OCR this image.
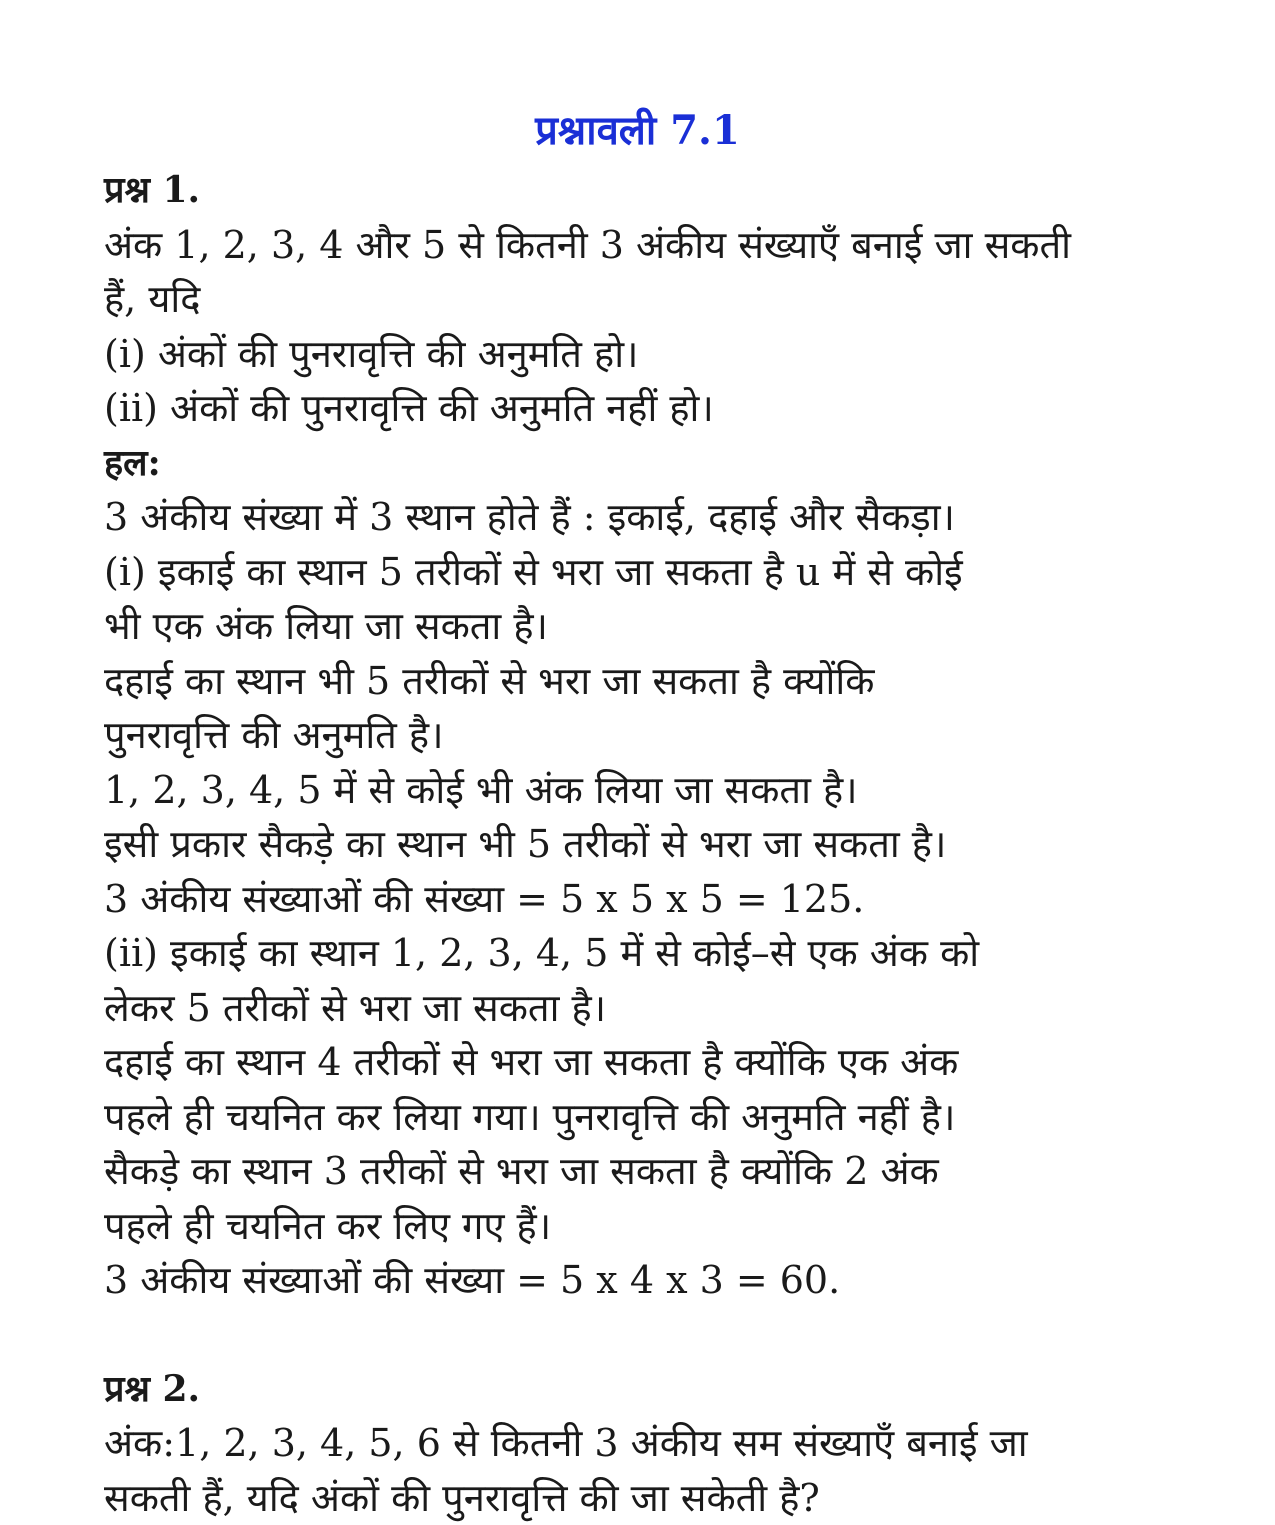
प्रश्नावली 7.1
प्रश्न 1.
अंक 1, 2, 3, 4 और 5 से कितनी 3 अंकीय संख्याएँ बनाई जा सकती
हैं, यदि
(i) अंकों की पुनरावृत्ति की अनुमति हो।
(ii) अंकों की पुनरावृत्ति की अनुमति नहीं हो।
हल:
3 अंकीय संख्या में 3 स्थान होते हैं : इकाई, दहाई और सैकड़ा।
(i) इकाई का स्थान 5 तरीकों से भरा जा सकता है u में से कोई
भी एक अंक लिया जा सकता है।
दहाई का स्थान भी 5 तरीकों से भरा जा सकता है क्योंकि
पुनरावृत्ति की अनुमति है।
1, 2, 3, 4, 5 में से कोई भी अंक लिया जा सकता है।
इसी प्रकार सैकड़े का स्थान भी 5 तरीकों से भरा जा सकता है।
3 अंकीय संख्याओं की संख्या = 5 x 5 x 5 = 125.
(ii) इकाई का स्थान 1, 2, 3, 4, 5 में से कोई–से एक अंक को
लेकर 5 तरीकों से भरा जा सकता है।
दहाई का स्थान 4 तरीकों से भरा जा सकता है क्योंकि एक अंक
पहले ही चयनित कर लिया गया। पुनरावृत्ति की अनुमति नहीं है।
सैकड़े का स्थान 3 तरीकों से भरा जा सकता है क्योंकि 2 अंक
पहले ही चयनित कर लिए गए हैं।
3 अंकीय संख्याओं की संख्या = 5 x 4 x 3 = 60.
प्रश्न 2.
अंक:1, 2, 3, 4, 5, 6 से कितनी 3 अंकीय सम संख्याएँ बनाई जा
सकती हैं, यदि अंकों की पुनरावृत्ति की जा सकेती है?
